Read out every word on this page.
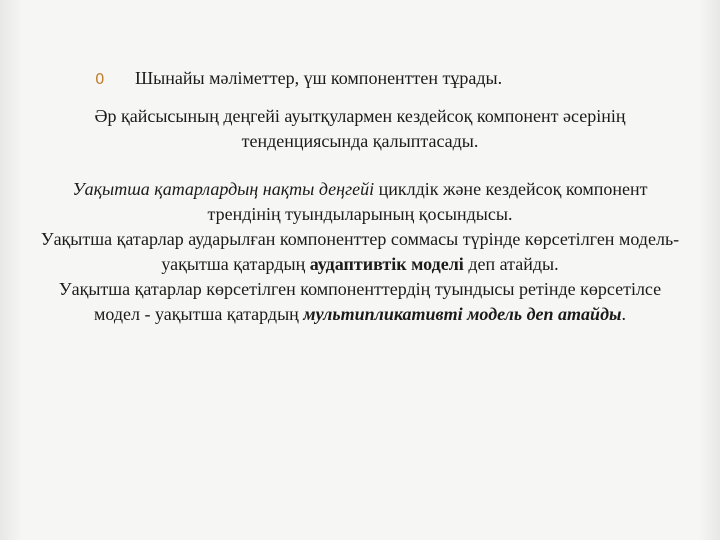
0	Шынайы мәліметтер, үш компоненттен тұрады.

Әр қайсысының деңгейі ауытқулармен кездейсоқ компонент әсерінің тенденциясында қалыптасады.

Уақытша қатарлардың нақты деңгейі циклдік және кездейсоқ компонент трендінің туындыларының қосындысы.

Уақытша қатарлар аударылған компоненттер соммасы түрінде көрсетілген модель- уақытша қатардың аудаптивтік моделі деп атайды.

Уақытша қатарлар көрсетілген компоненттердің туындысы ретінде көрсетілсе модел - уақытша қатардың мультипликативті модель деп атайды.
